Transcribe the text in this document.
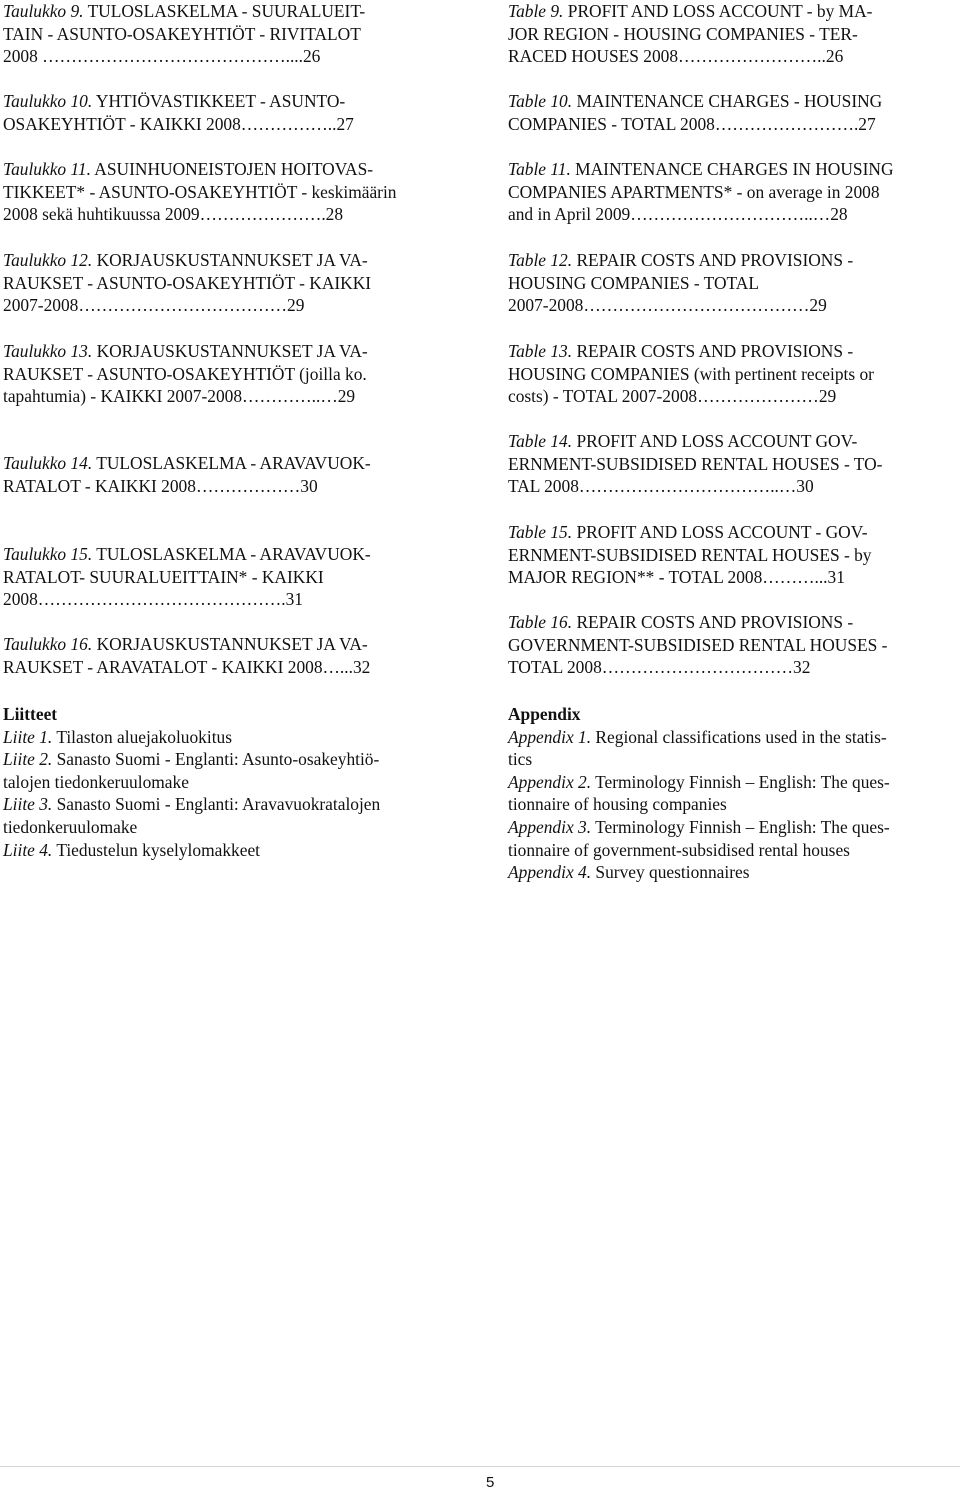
Taulukko 9. TULOSLASKELMA - SUURALUEIT-
TAIN - ASUNTO-OSAKEYHTIÖT - RIVITALOT
2008 ……………………………………....26
Taulukko 10. YHTIÖVASTIKKEET - ASUNTO-
OSAKEYHTIÖT - KAIKKI 2008……………..27
Taulukko 11. ASUINHUONEISTOJEN HOITOVAS-
TIKKEET* - ASUNTO-OSAKEYHTIÖT - keskimäärin
2008 sekä huhtikuussa 2009………………….28
Taulukko 12. KORJAUSKUSTANNUKSET JA VA-
RAUKSET - ASUNTO-OSAKEYHTIÖT - KAIKKI
2007-2008………………………………29
Taulukko 13. KORJAUSKUSTANNUKSET JA VA-
RAUKSET - ASUNTO-OSAKEYHTIÖT (joilla ko.
tapahtumia) - KAIKKI 2007-2008…………..…29
Taulukko 14. TULOSLASKELMA - ARAVAVUOK-
RATALOT - KAIKKI 2008………………30
Taulukko 15. TULOSLASKELMA - ARAVAVUOK-
RATALOT- SUURALUEITTAIN* - KAIKKI
2008…………………………………….31
Taulukko 16. KORJAUSKUSTANNUKSET JA VA-
RAUKSET - ARAVATALOT - KAIKKI 2008…...32
Liitteet
Liite 1. Tilaston aluejakoluokitus
Liite 2. Sanasto Suomi - Englanti: Asunto-osakeyhtiö-
talojen tiedonkeruulomake
Liite 3. Sanasto Suomi - Englanti: Aravavuokratalojen
tiedonkeruulomake
Liite 4. Tiedustelun kyselylomakkeet
Table 9. PROFIT AND LOSS ACCOUNT - by MA-
JOR REGION - HOUSING COMPANIES - TER-
RACED HOUSES 2008……………………..26
Table 10. MAINTENANCE CHARGES - HOUSING
COMPANIES - TOTAL 2008…………………….27
Table 11. MAINTENANCE CHARGES IN HOUSING
COMPANIES APARTMENTS* - on average in 2008
and in April 2009…………………………..…28
Table 12. REPAIR COSTS AND PROVISIONS -
HOUSING COMPANIES - TOTAL
2007-2008…………………………………29
Table 13. REPAIR COSTS AND PROVISIONS -
HOUSING COMPANIES (with pertinent receipts or
costs) - TOTAL 2007-2008…………………29
Table 14. PROFIT AND LOSS ACCOUNT GOV-
ERNMENT-SUBSIDISED RENTAL HOUSES - TO-
TAL 2008……………………………..…30
Table 15. PROFIT AND LOSS ACCOUNT - GOV-
ERNMENT-SUBSIDISED RENTAL HOUSES - by
MAJOR REGION** - TOTAL 2008………...31
Table 16. REPAIR COSTS AND PROVISIONS -
GOVERNMENT-SUBSIDISED RENTAL HOUSES -
TOTAL 2008……………………………32
Appendix
Appendix 1. Regional classifications used in the statis-
tics
Appendix 2. Terminology Finnish – English: The ques-
tionnaire of housing companies
Appendix 3. Terminology Finnish – English: The ques-
tionnaire of government-subsidised rental houses
Appendix 4. Survey questionnaires
5
